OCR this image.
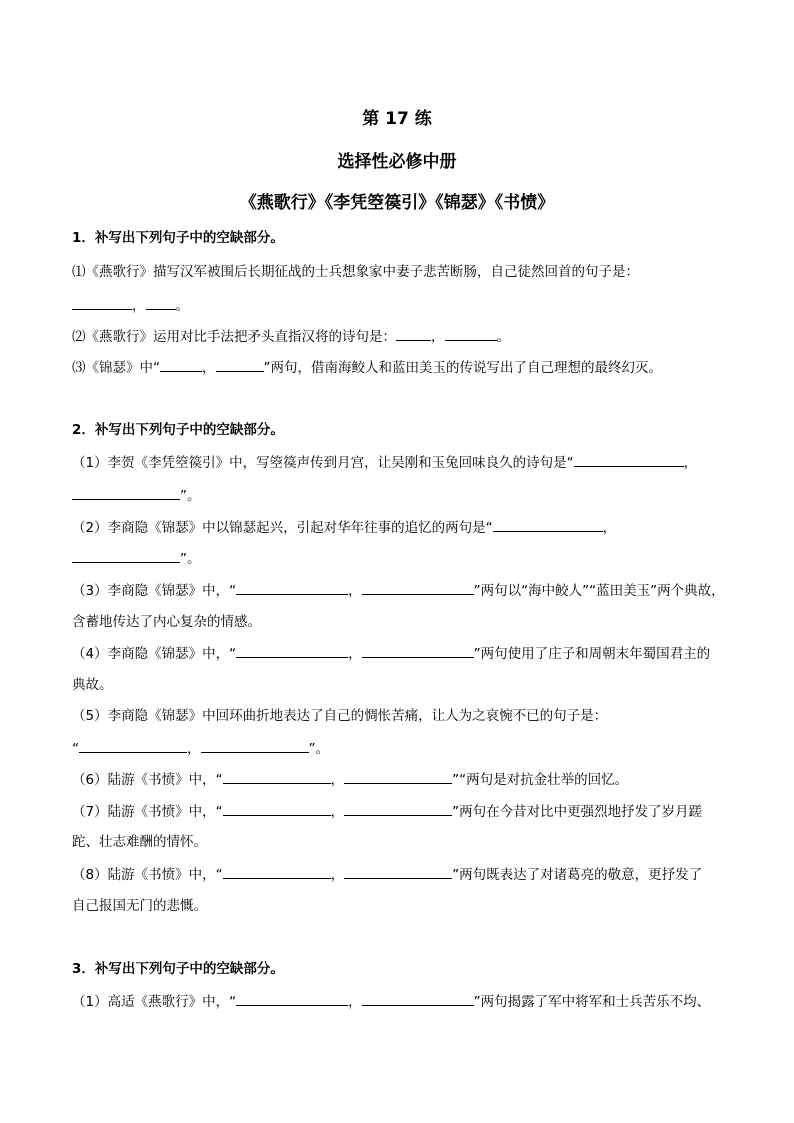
第 17 练
选择性必修中册
《燕歌行》《李凭箜篌引》《锦瑟》《书愤》
1．补写出下列句子中的空缺部分。
⑴《燕歌行》描写汉军被围后长期征战的士兵想象家中妻子悲苦断肠，自己徒然回首的句子是：
， 。
⑵《燕歌行》运用对比手法把矛头直指汉将的诗句是：	，	。
⑶《锦瑟》中“	，	”两句，借南海鲛人和蓝田美玉的传说写出了自己理想的最终幻灭。
2．补写出下列句子中的空缺部分。
（1）李贺《李凭箜篌引》中，写箜篌声传到月宫，让吴刚和玉兔回味良久的诗句是“	，
”。
（2）李商隐《锦瑟》中以锦瑟起兴，引起对华年往事的追忆的两句是“	，
”。
（3）李商隐《锦瑟》中，“	，	”两句以“海中鲛人”“蓝田美玉”两个典故，
含蓄地传达了内心复杂的情感。
（4）李商隐《锦瑟》中，“	，	”两句使用了庄子和周朝末年蜀国君主的
典故。
（5）李商隐《锦瑟》中回环曲折地表达了自己的惆怅苦痛，让人为之哀惋不已的句子是：
“	，	”。
（6）陆游《书愤》中，“	，	”“两句是对抗金壮举的回忆。
（7）陆游《书愤》中，“	，	”两句在今昔对比中更强烈地抒发了岁月蹉
跎、壮志难酬的情怀。
（8）陆游《书愤》中，“	，	”两句既表达了对诸葛亮的敬意，更抒发了
自己报国无门的悲慨。
3．补写出下列句子中的空缺部分。
（1）高适《燕歌行》中，“	，	”两句揭露了军中将军和士兵苦乐不均、
